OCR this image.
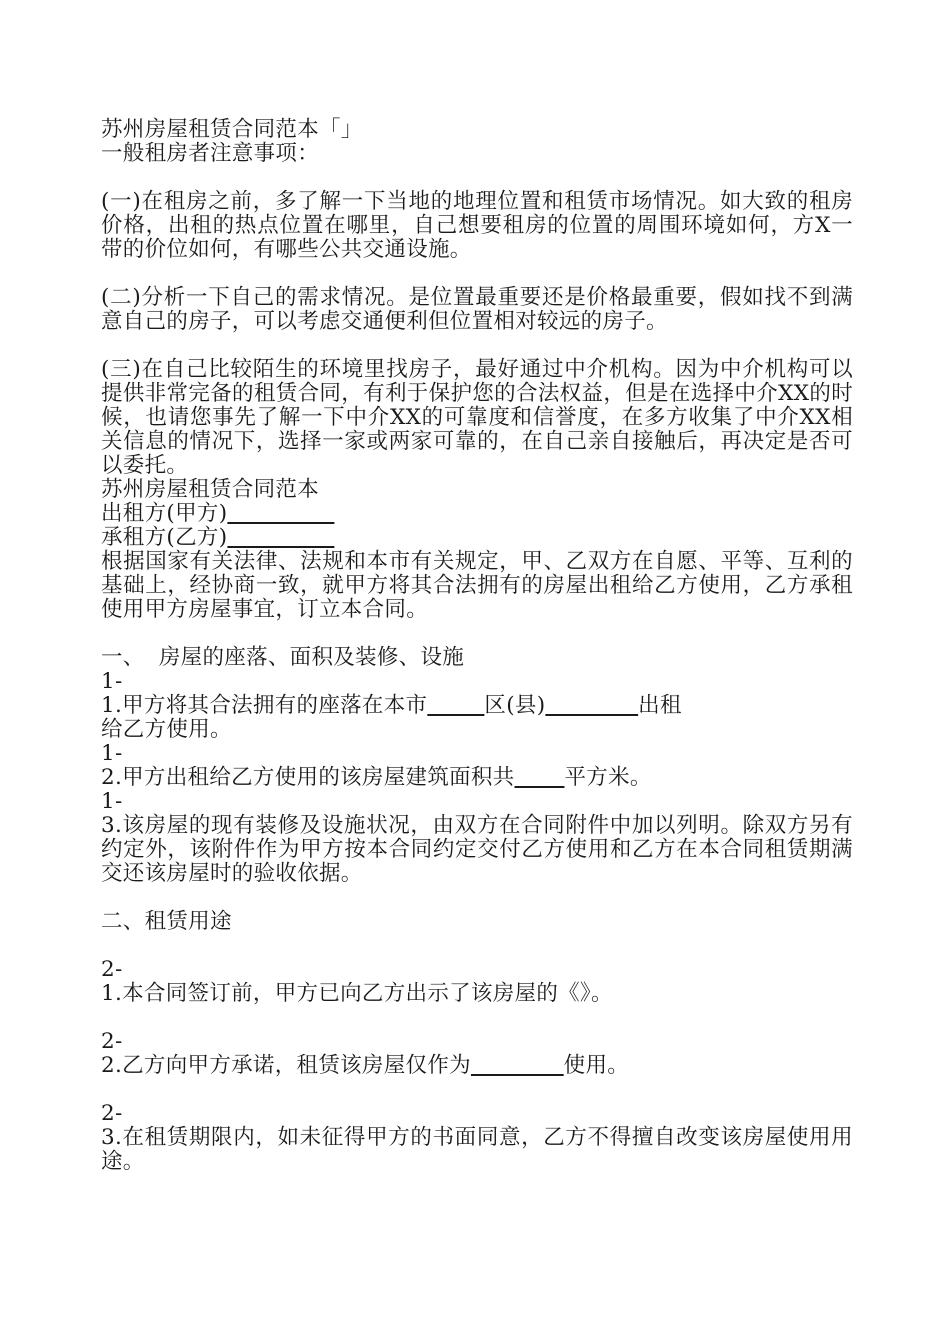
苏州房屋租赁合同范本「」
一般租房者注意事项：
(一)在租房之前，多了解一下当地的地理位置和租赁市场情况。如大致的租房价格，出租的热点位置在哪里，自己想要租房的位置的周围环境如何，方X一带的价位如何，有哪些公共交通设施。
(二)分析一下自己的需求情况。是位置最重要还是价格最重要，假如找不到满意自己的房子，可以考虑交通便利但位置相对较远的房子。
(三)在自己比较陌生的环境里找房子，最好通过中介机构。因为中介机构可以提供非常完备的租赁合同，有利于保护您的合法权益，但是在选择中介XX的时候，也请您事先了解一下中介XX的可靠度和信誉度，在多方收集了中介XX相关信息的情况下，选择一家或两家可靠的，在自己亲自接触后，再决定是否可以委托。
苏州房屋租赁合同范本
出租方(甲方)
承租方(乙方)
根据国家有关法律、法规和本市有关规定，甲、乙双方在自愿、平等、互利的基础上，经协商一致，就甲方将其合法拥有的房屋出租给乙方使用，乙方承租使用甲方房屋事宜，订立本合同。
一、  房屋的座落、面积及装修、设施
1-
1.甲方将其合法拥有的座落在本市	区(县)	出租
给乙方使用。
1-
2.甲方出租给乙方使用的该房屋建筑面积共 平方米。
1-
3.该房屋的现有装修及设施状况，由双方在合同附件中加以列明。除双方另有约定外，该附件作为甲方按本合同约定交付乙方使用和乙方在本合同租赁期满交还该房屋时的验收依据。
二、租赁用途
2-
1.本合同签订前，甲方已向乙方出示了该房屋的《》。
2-
2.乙方向甲方承诺，租赁该房屋仅作为	使用。
2-
3.在租赁期限内，如未征得甲方的书面同意，乙方不得擅自改变该房屋使用用途。
